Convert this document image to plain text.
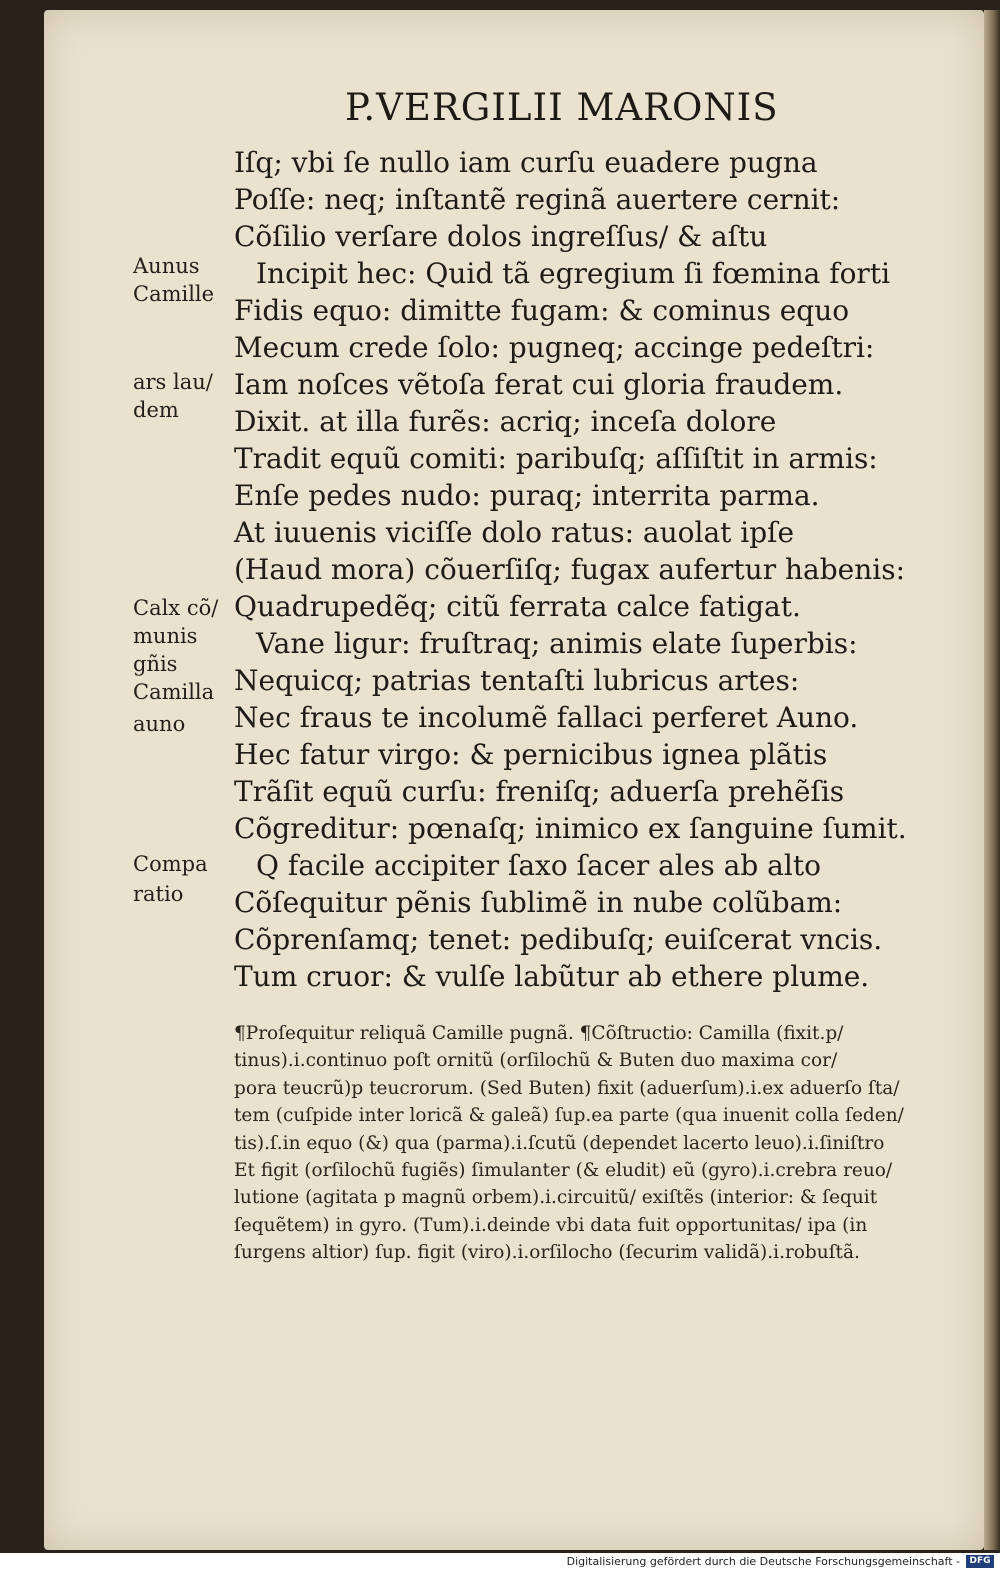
P.VERGILII MARONIS
Aunus
Camille
ars lau/
dem
Calx cõ/
munis
gñis
Camilla
auno
Compa
ratio
Iſq; vbi ſe nullo iam curſu euadere pugna
Poſſe: neq; inſtantẽ reginã auertere cernit:
Cõſilio verſare dolos ingreſſus/ & aſtu
Incipit hec: Quid tã egregium ſi fœmina forti
Fidis equo: dimitte fugam: & cominus equo
Mecum crede ſolo: pugneq; accinge pedeſtri:
Iam noſces vẽtoſa ferat cui gloria fraudem.
Dixit. at illa furẽs: acriq; inceſa dolore
Tradit equũ comiti: paribuſq; aſſiſtit in armis:
Enſe pedes nudo: puraq; interrita parma.
At iuuenis viciſſe dolo ratus: auolat ipſe
(Haud mora) cõuerſiſq; fugax aufertur habenis:
Quadrupedẽq; citũ ferrata calce fatigat.
Vane ligur: fruſtraq; animis elate ſuperbis:
Nequicq; patrias tentaſti lubricus artes:
Nec fraus te incolumẽ fallaci perferet Auno.
Hec fatur virgo: & pernicibus ignea plãtis
Trãſit equũ curſu: freniſq; aduerſa prehẽſis
Cõgreditur: pœnaſq; inimico ex ſanguine ſumit.
Q facile accipiter ſaxo ſacer ales ab alto
Cõſequitur pẽnis ſublimẽ in nube colũbam:
Cõprenſamq; tenet: pedibuſq; euiſcerat vncis.
Tum cruor: & vulſe labũtur ab ethere plume.
¶Proſequitur reliquã Camille pugnã. ¶Cõſtructio: Camilla (fixit.p/
tinus).i.continuo poſt ornitũ (orſilochũ & Buten duo maxima cor/
pora teucrũ)p teucrorum. (Sed Buten) fixit (aduerſum).i.ex aduerſo ſta/
tem (cuſpide inter loricã & galeã) ſup.ea parte (qua inuenit colla ſeden/
tis).ſ.in equo (&) qua (parma).i.ſcutũ (dependet lacerto leuo).i.ſiniſtro
Et figit (orſilochũ fugiẽs) ſimulanter (& eludit) eũ (gyro).i.crebra reuo/
lutione (agitata p magnũ orbem).i.circuitũ/ exiſtẽs (interior: & ſequit
ſequẽtem) in gyro. (Tum).i.deinde vbi data fuit opportunitas/ ipa (in
ſurgens altior) ſup. figit (viro).i.orſilocho (ſecurim validã).i.robuſtã.
Digitalisierung gefördert durch die Deutsche Forschungsgemeinschaft -	DFG
